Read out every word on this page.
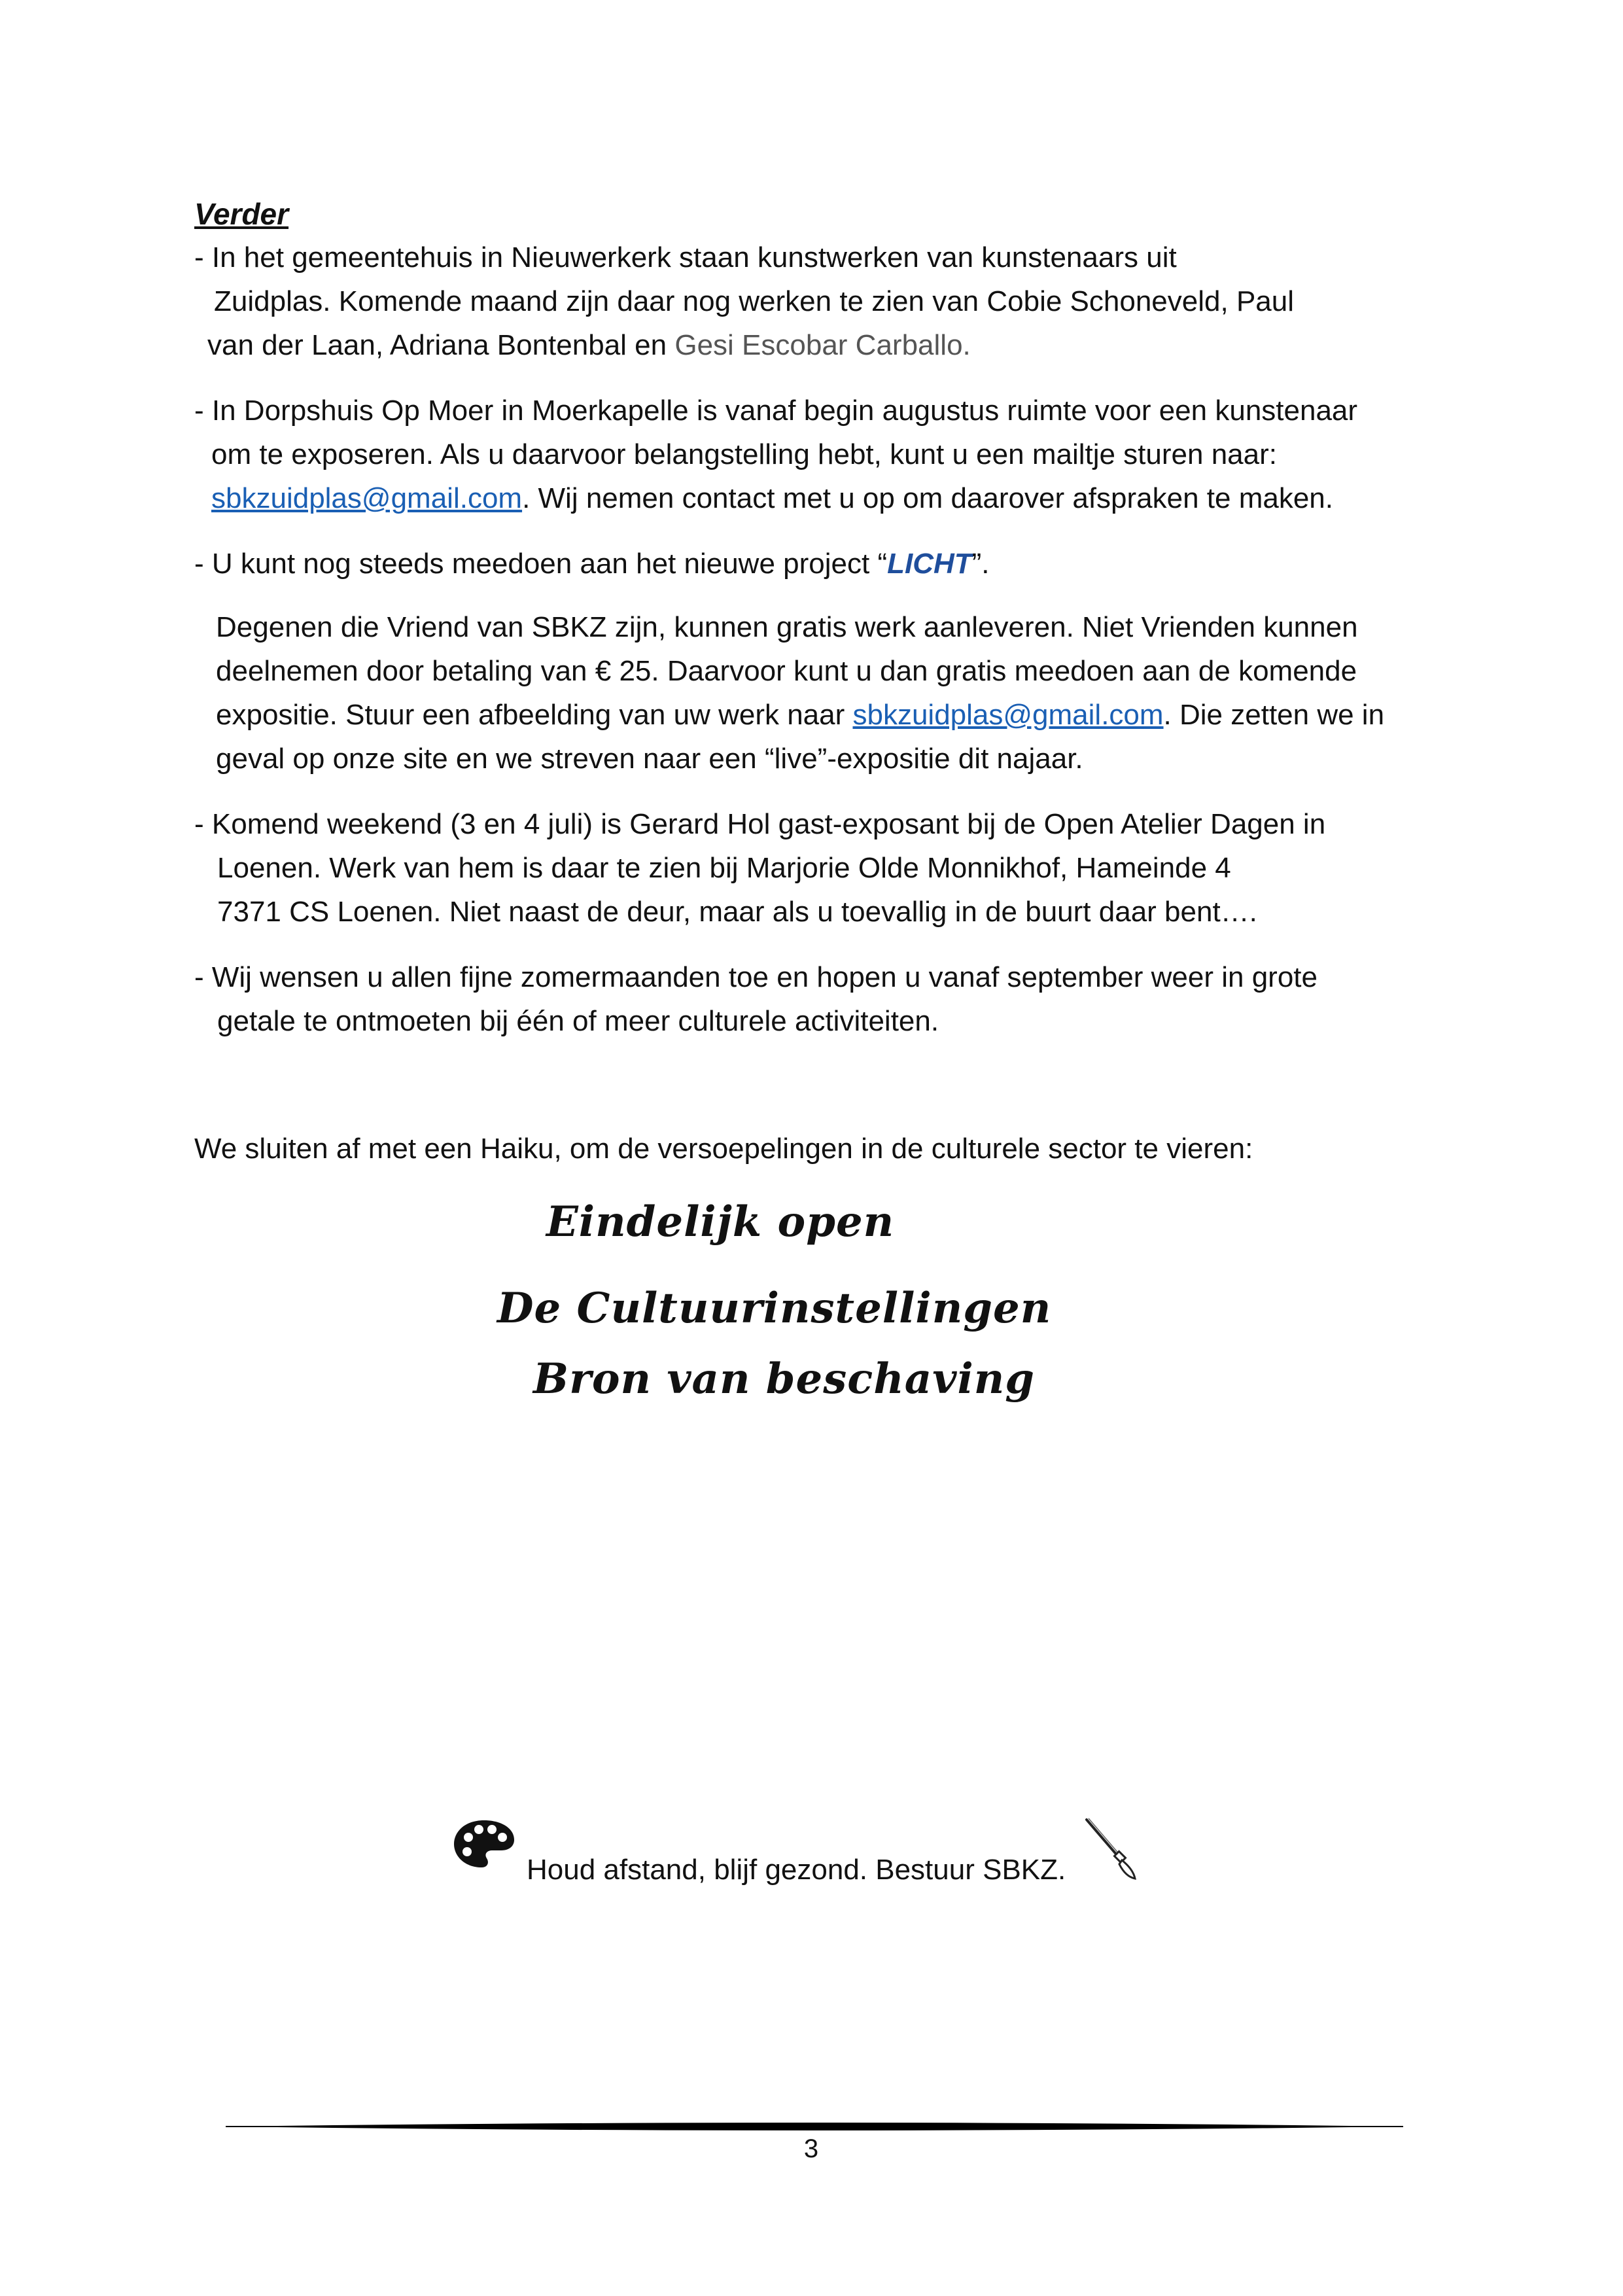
Verder
- In het gemeentehuis in Nieuwerkerk staan kunstwerken van kunstenaars uit
Zuidplas. Komende maand zijn daar nog werken te zien van Cobie Schoneveld, Paul
van der Laan, Adriana Bontenbal en Gesi Escobar Carballo.
- In Dorpshuis Op Moer in Moerkapelle is vanaf begin augustus ruimte voor een kunstenaar
om te exposeren. Als u daarvoor belangstelling hebt, kunt u een mailtje sturen naar:
sbkzuidplas@gmail.com. Wij nemen contact met u op om daarover afspraken te maken.
- U kunt nog steeds meedoen aan het nieuwe project “LICHT”.
Degenen die Vriend van SBKZ zijn, kunnen gratis werk aanleveren. Niet Vrienden kunnen
deelnemen door betaling van € 25. Daarvoor kunt u dan gratis meedoen aan de komende
expositie. Stuur een afbeelding van uw werk naar sbkzuidplas@gmail.com. Die zetten we in
geval op onze site en we streven naar een “live”-expositie dit najaar.
- Komend weekend (3 en 4 juli) is Gerard Hol gast-exposant bij de Open Atelier Dagen in
Loenen. Werk van hem is daar te zien bij Marjorie Olde Monnikhof, Hameinde 4
7371 CS Loenen. Niet naast de deur, maar als u toevallig in de buurt daar bent….
- Wij wensen u allen fijne zomermaanden toe en hopen u vanaf september weer in grote
getale te ontmoeten bij één of meer culturele activiteiten.
We sluiten af met een Haiku, om de versoepelingen in de culturele sector te vieren:
Eindelijk open
De Cultuurinstellingen
Bron van beschaving
Houd afstand, blijf gezond. Bestuur SBKZ.
3
